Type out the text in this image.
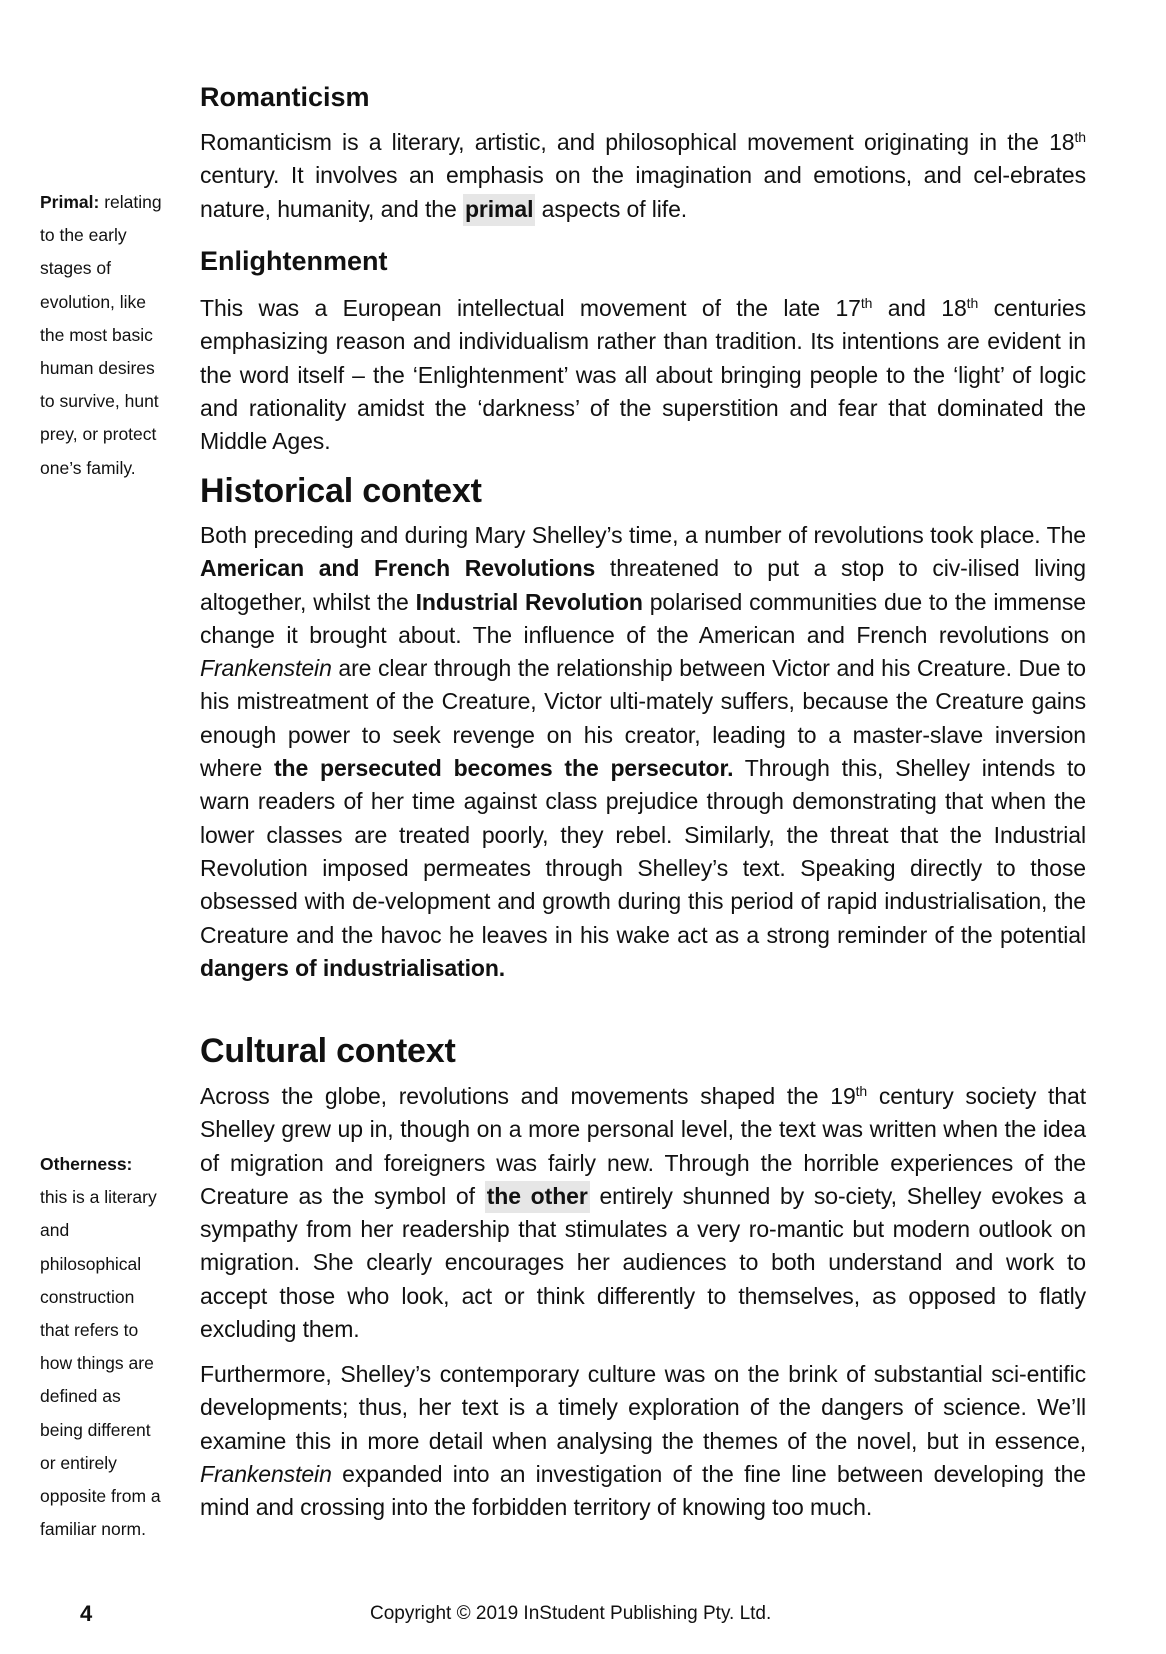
Primal: relating
to the early
stages of
evolution, like
the most basic
human desires
to survive, hunt
prey, or protect
one’s family.
Otherness:
this is a literary
and
philosophical
construction
that refers to
how things are
defined as
being different
or entirely
opposite from a
familiar norm.
Romanticism

Romanticism is a literary, artistic, and philosophical movement originating in the 18th century. It involves an emphasis on the imagination and emotions, and cel-ebrates nature, humanity, and the primal aspects of life.

Enlightenment

This was a European intellectual movement of the late 17th and 18th centuries emphasizing reason and individualism rather than tradition. Its intentions are evident in the word itself – the ‘Enlightenment’ was all about bringing people to the ‘light’ of logic and rationality amidst the ‘darkness’ of the superstition and fear that dominated the Middle Ages.

Historical context

Both preceding and during Mary Shelley’s time, a number of revolutions took place. The American and French Revolutions threatened to put a stop to civ-ilised living altogether, whilst the Industrial Revolution polarised communities due to the immense change it brought about. The influence of the American and French revolutions on Frankenstein are clear through the relationship between Victor and his Creature. Due to his mistreatment of the Creature, Victor ulti-mately suffers, because the Creature gains enough power to seek revenge on his creator, leading to a master-slave inversion where the persecuted becomes the persecutor. Through this, Shelley intends to warn readers of her time against class prejudice through demonstrating that when the lower classes are treated poorly, they rebel. Similarly, the threat that the Industrial Revolution imposed permeates through Shelley’s text. Speaking directly to those obsessed with de-velopment and growth during this period of rapid industrialisation, the Creature and the havoc he leaves in his wake act as a strong reminder of the potential dangers of industrialisation.

Cultural context

Across the globe, revolutions and movements shaped the 19th century society that Shelley grew up in, though on a more personal level, the text was written when the idea of migration and foreigners was fairly new. Through the horrible experiences of the Creature as the symbol of the other entirely shunned by so-ciety, Shelley evokes a sympathy from her readership that stimulates a very ro-mantic but modern outlook on migration. She clearly encourages her audiences to both understand and work to accept those who look, act or think differently to themselves, as opposed to flatly excluding them.

Furthermore, Shelley’s contemporary culture was on the brink of substantial sci-entific developments; thus, her text is a timely exploration of the dangers of science. We’ll examine this in more detail when analysing the themes of the novel, but in essence, Frankenstein expanded into an investigation of the fine line between developing the mind and crossing into the forbidden territory of knowing too much.

4	Copyright © 2019 InStudent Publishing Pty. Ltd.
